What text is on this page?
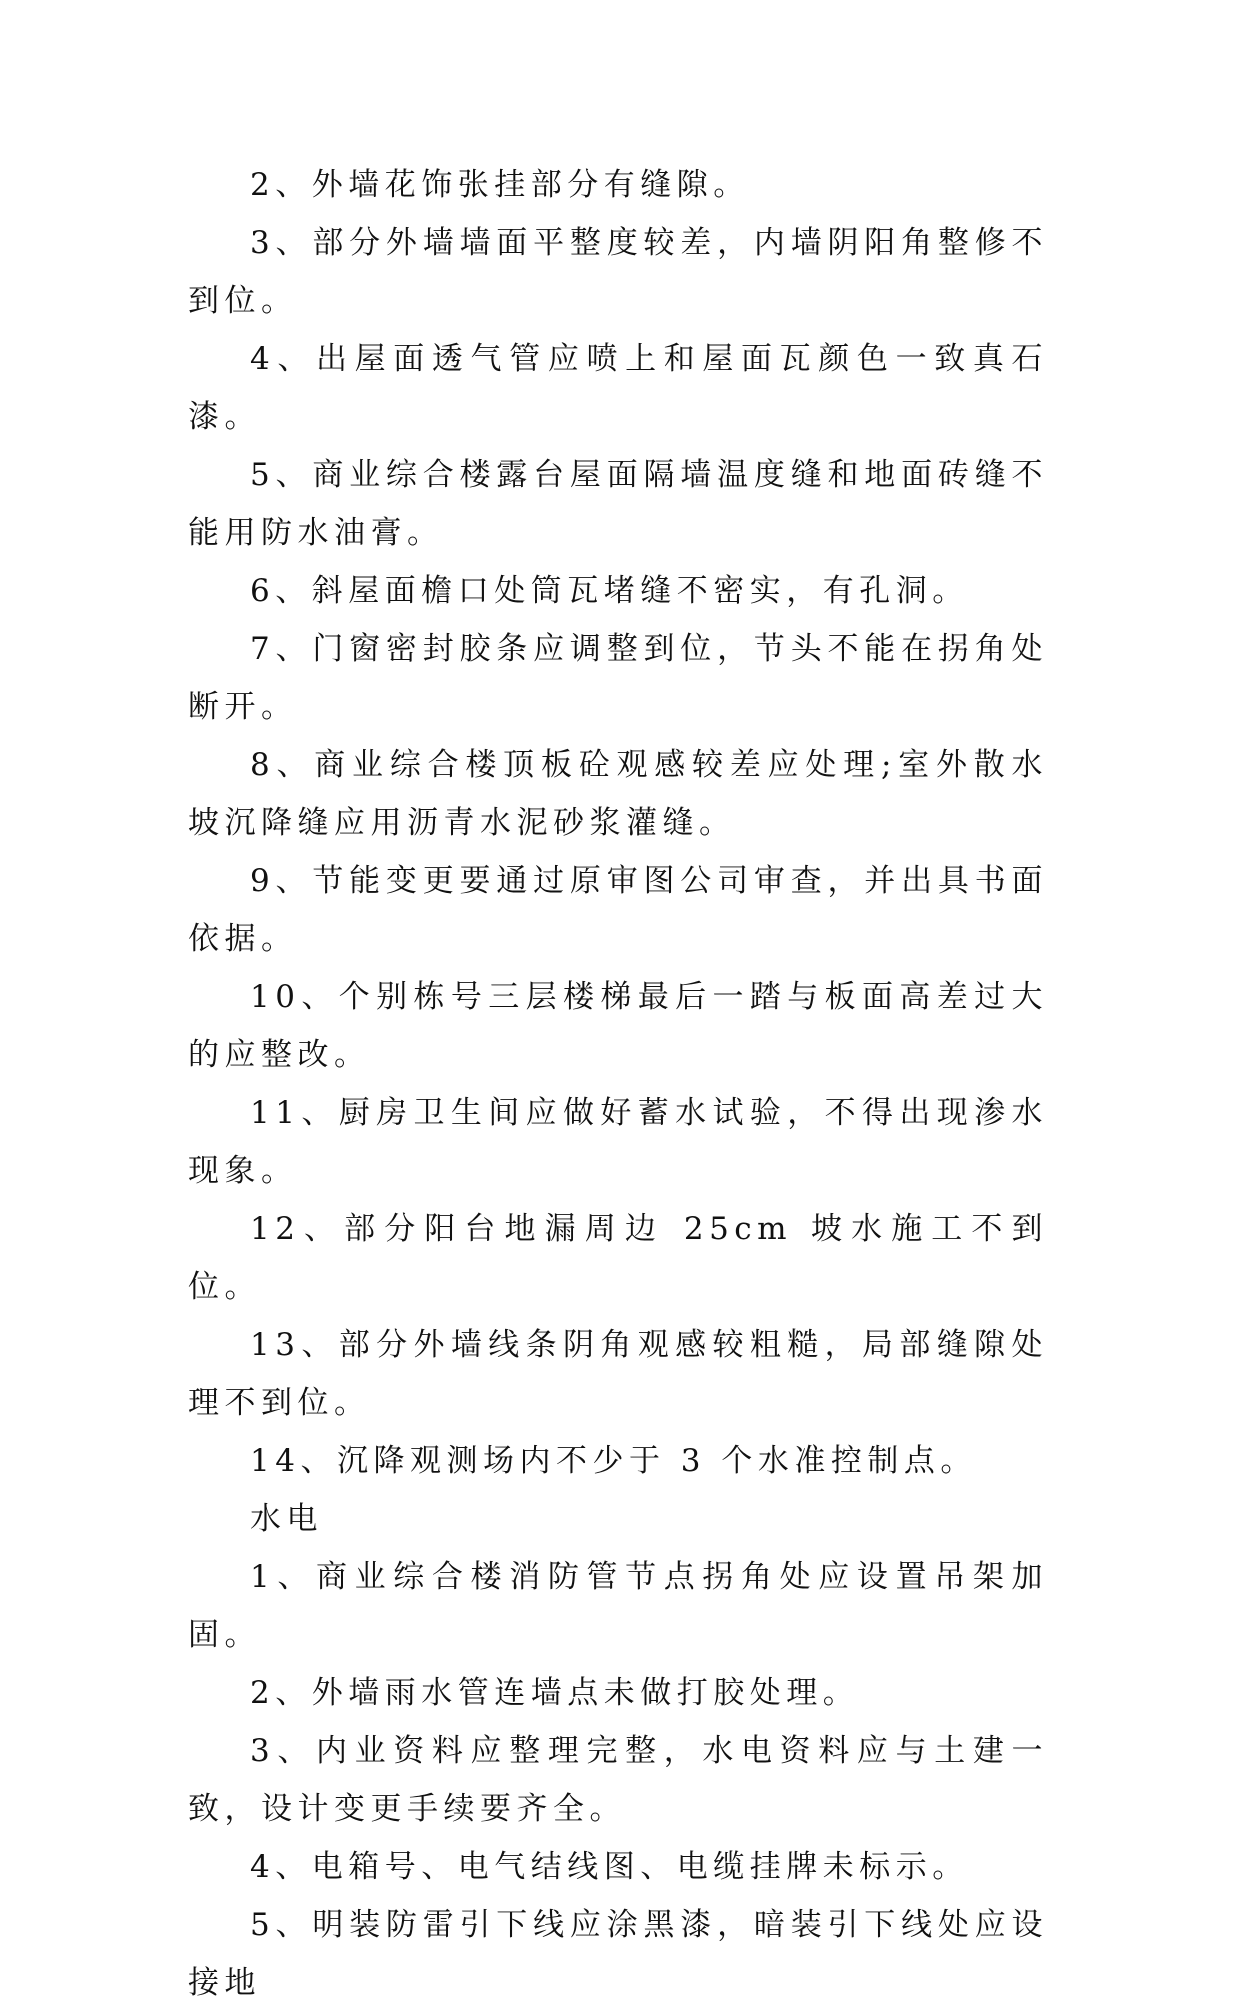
2、外墙花饰张挂部分有缝隙。

3、部分外墙墙面平整度较差，内墙阴阳角整修不到位。

4、出屋面透气管应喷上和屋面瓦颜色一致真石漆。

5、商业综合楼露台屋面隔墙温度缝和地面砖缝不能用防水油膏。

6、斜屋面檐口处筒瓦堵缝不密实，有孔洞。

7、门窗密封胶条应调整到位，节头不能在拐角处断开。

8、商业综合楼顶板砼观感较差应处理;室外散水坡沉降缝应用沥青水泥砂浆灌缝。

9、节能变更要通过原审图公司审查，并出具书面依据。

10、个别栋号三层楼梯最后一踏与板面高差过大的应整改。

11、厨房卫生间应做好蓄水试验，不得出现渗水现象。

12、部分阳台地漏周边 25cm 坡水施工不到位。

13、部分外墙线条阴角观感较粗糙，局部缝隙处理不到位。

14、沉降观测场内不少于 3 个水准控制点。

水电

1、商业综合楼消防管节点拐角处应设置吊架加固。

2、外墙雨水管连墙点未做打胶处理。

3、内业资料应整理完整，水电资料应与土建一致，设计变更手续要齐全。

4、电箱号、电气结线图、电缆挂牌未标示。

5、明装防雷引下线应涂黑漆，暗装引下线处应设接地
